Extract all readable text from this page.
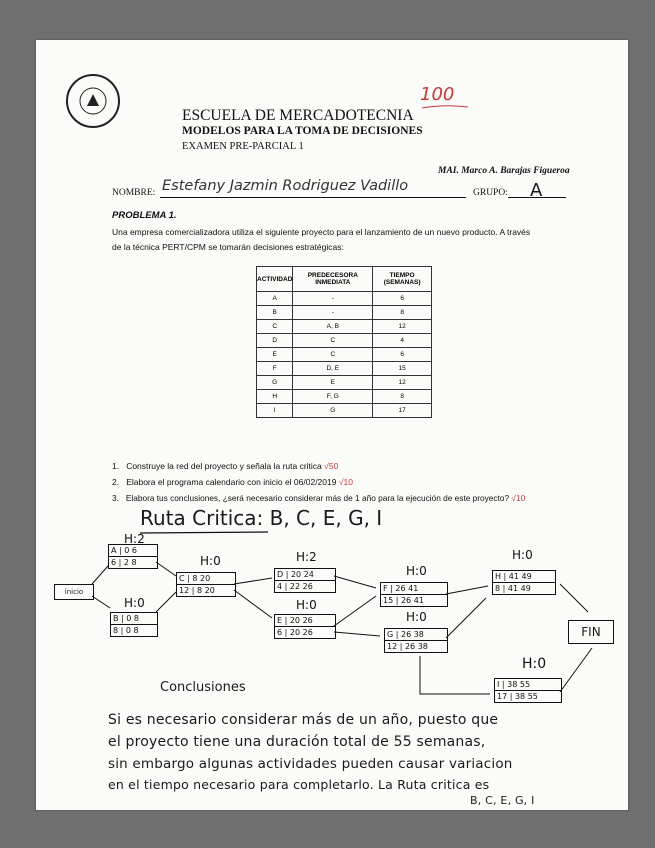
ESCUELA DE MERCADOTECNIA
MODELOS PARA LA TOMA DE DECISIONES
EXAMEN PRE-PARCIAL 1
MAI. Marco A. Barajas Figueroa
100
NOMBRE: Estefany Jazmin Rodriguez Vadillo	GRUPO: A
PROBLEMA 1.
Una empresa comercializadora utiliza el siguiente proyecto para el lanzamiento de un nuevo producto. A través
de la técnica PERT/CPM se tomarán decisiones estratégicas:
ACTIVIDAD	PREDECESORA INMEDIATA	TIEMPO (SEMANAS)
A	-	6
B	-	8
C	A, B	12
D	C	4
E	C	6
F	D, E	15
G	E	12
H	F, G	8
I	G	17
1. Construye la red del proyecto y señala la ruta critica √50
2. Elabora el programa calendario con inicio el 06/02/2019 √10
3. Elabora tus conclusiones, ¿será necesario considerar más de 1 año para la ejecución de este proyecto? √10
Ruta Critica: B, C, E, G, I
inicio
H:2
A | 0 6
6 | 2 8
H:0
B | 0 8
8 | 0 8
H:0
C | 8 20
12 | 8 20
H:2
D | 20 24
4 | 22 26
H:0
E | 20 26
6 | 20 26
H:0
F | 26 41
15 | 26 41
H:0
G | 26 38
12 | 26 38
H:0
H | 41 49
8 | 41 49
H:0
I | 38 55
17 | 38 55
FIN
Conclusiones
Si es necesario considerar más de un año, puesto que
el proyecto tiene una duración total de 55 semanas,
sin embargo algunas actividades pueden causar variacion
en el tiempo necesario para completarlo. La Ruta critica es
B, C, E, G, I
